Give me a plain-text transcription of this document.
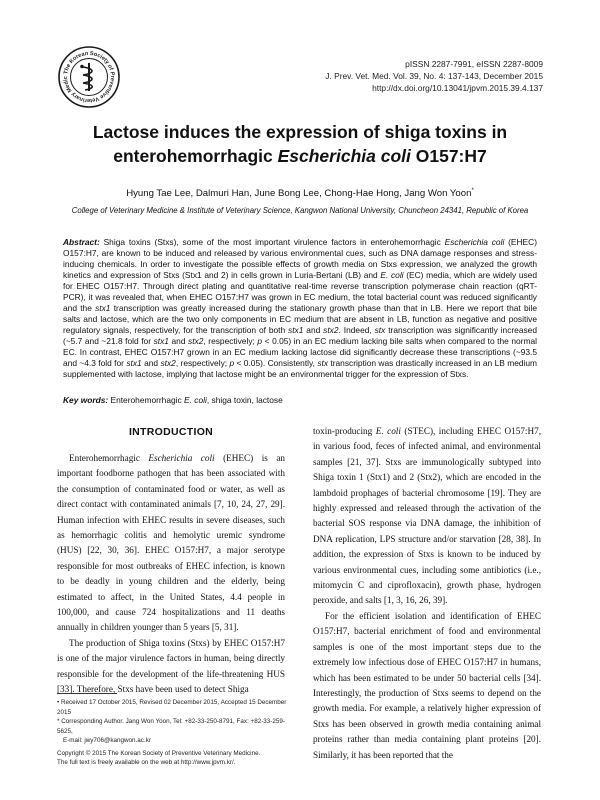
The Korean Society of Preventive Veterinary Medic
pISSN 2287-7991, eISSN 2287-8009
J. Prev. Vet. Med. Vol. 39, No. 4: 137-143, December 2015
http://dx.doi.org/10.13041/jpvm.2015.39.4.137
Lactose induces the expression of shiga toxins in
enterohemorrhagic Escherichia coli O157:H7
Hyung Tae Lee, Dalmuri Han, June Bong Lee, Chong-Hae Hong, Jang Won Yoon*
College of Veterinary Medicine & Institute of Veterinary Science, Kangwon National University, Chuncheon 24341, Republic of Korea
Abstract: Shiga toxins (Stxs), some of the most important virulence factors in enterohemorrhagic Escherichia coli (EHEC) O157:H7, are known to be induced and released by various environmental cues, such as DNA damage responses and stress-inducing chemicals. In order to investigate the possible effects of growth media on Stxs expression, we analyzed the growth kinetics and expression of Stxs (Stx1 and 2) in cells grown in Luria-Bertani (LB) and E. coli (EC) media, which are widely used for EHEC O157:H7. Through direct plating and quantitative real-time reverse transcription polymerase chain reaction (qRT-PCR), it was revealed that, when EHEC O157:H7 was grown in EC medium, the total bacterial count was reduced significantly and the stx1 transcription was greatly increased during the stationary growth phase than that in LB. Here we report that bile salts and lactose, which are the two only components in EC medium that are absent in LB, function as negative and positive regulatory signals, respectively, for the transcription of both stx1 and stx2. Indeed, stx transcription was significantly increased (~5.7 and ~21.8 fold for stx1 and stx2, respectively; p < 0.05) in an EC medium lacking bile salts when compared to the normal EC. In contrast, EHEC O157:H7 grown in an EC medium lacking lactose did significantly decrease these transcriptions (~93.5 and ~4.3 fold for stx1 and stx2, respectively; p < 0.05). Consistently, stx transcription was drastically increased in an LB medium supplemented with lactose, implying that lactose might be an environmental trigger for the expression of Stxs.
Key words: Enterohemorrhagic E. coli, shiga toxin, lactose
INTRODUCTION

Enterohemorrhagic Escherichia coli (EHEC) is an important foodborne pathogen that has been associated with the consumption of contaminated food or water, as well as direct contact with contaminated animals [7, 10, 24, 27, 29]. Human infection with EHEC results in severe diseases, such as hemorrhagic colitis and hemolytic uremic syndrome (HUS) [22, 30, 36]. EHEC O157:H7, a major serotype responsible for most outbreaks of EHEC infection, is known to be deadly in young children and the elderly, being estimated to affect, in the United States, 4.4 people in 100,000, and cause 724 hospitalizations and 11 deaths annually in children younger than 5 years [5, 31].

The production of Shiga toxins (Stxs) by EHEC O157:H7 is one of the major virulence factors in human, being directly responsible for the development of the life-threatening HUS [33]. Therefore, Stxs have been used to detect Shiga

toxin-producing E. coli (STEC), including EHEC O157:H7, in various food, feces of infected animal, and environmental samples [21, 37]. Stxs are immunologically subtyped into Shiga toxin 1 (Stx1) and 2 (Stx2), which are encoded in the lambdoid prophages of bacterial chromosome [19]. They are highly expressed and released through the activation of the bacterial SOS response via DNA damage, the inhibition of DNA replication, LPS structure and/or starvation [28, 38]. In addition, the expression of Stxs is known to be induced by various environmental cues, including some antibiotics (i.e., mitomycin C and ciprofloxacin), growth phase, hydrogen peroxide, and salts [1, 3, 16, 26, 39].

For the efficient isolation and identification of EHEC O157:H7, bacterial enrichment of food and environmental samples is one of the most important steps due to the extremely low infectious dose of EHEC O157:H7 in humans, which has been estimated to be under 50 bacterial cells [34]. Interestingly, the production of Stxs seems to depend on the growth media. For example, a relatively higher expression of Stxs has been observed in growth media containing animal proteins rather than media containing plant proteins [20]. Similarly, it has been reported that the

• Received 17 October 2015, Revised 02 December 2015, Accepted 15 December 2015
* Corresponding Author. Jang Won Yoon, Tel: +82-33-250-8791, Fax: +82-33-259-5625,
E-mail: jwy706@kangwon.ac.kr
Copyright © 2015 The Korean Society of Preventive Veterinary Medicine.
The full text is freely available on the web at http://www.jpvm.kr/.
